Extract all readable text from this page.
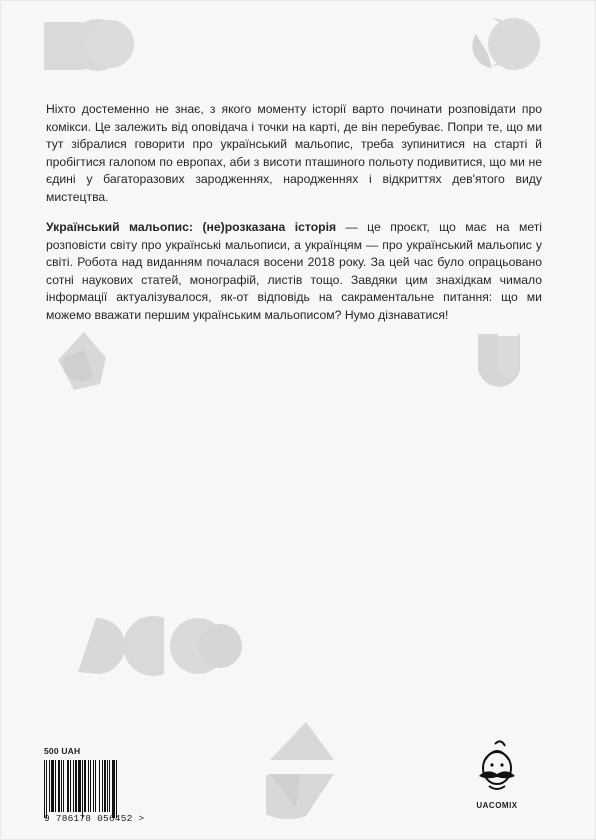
Ніхто достеменно не знає, з якого моменту історії варто починати розповідати про комікси. Це залежить від оповідача і точки на карті, де він перебуває. Попри те, що ми тут зібралися говорити про український мальопис, треба зупинитися на старті й пробігтися галопом по европах, аби з висоти пташиного польоту подивитися, що ми не єдині у багаторазових зародженнях, народженнях і відкриттях дев'ятого виду мистецтва.

Український мальопис: (не)розказана історія — це проєкт, що має на меті розповісти світу про українські мальописи, а українцям — про український мальопис у світі. Робота над виданням почалася восени 2018 року. За цей час було опрацьовано сотні наукових статей, монографій, листів тощо. Завдяки цим знахідкам чимало інформації актуалізувалося, як-от відповідь на сакраментальне питання: що ми можемо вважати першим українським мальописом? Нумо дізнаватися!

500 UAH
9 786178 056452 >
UACOMIX
